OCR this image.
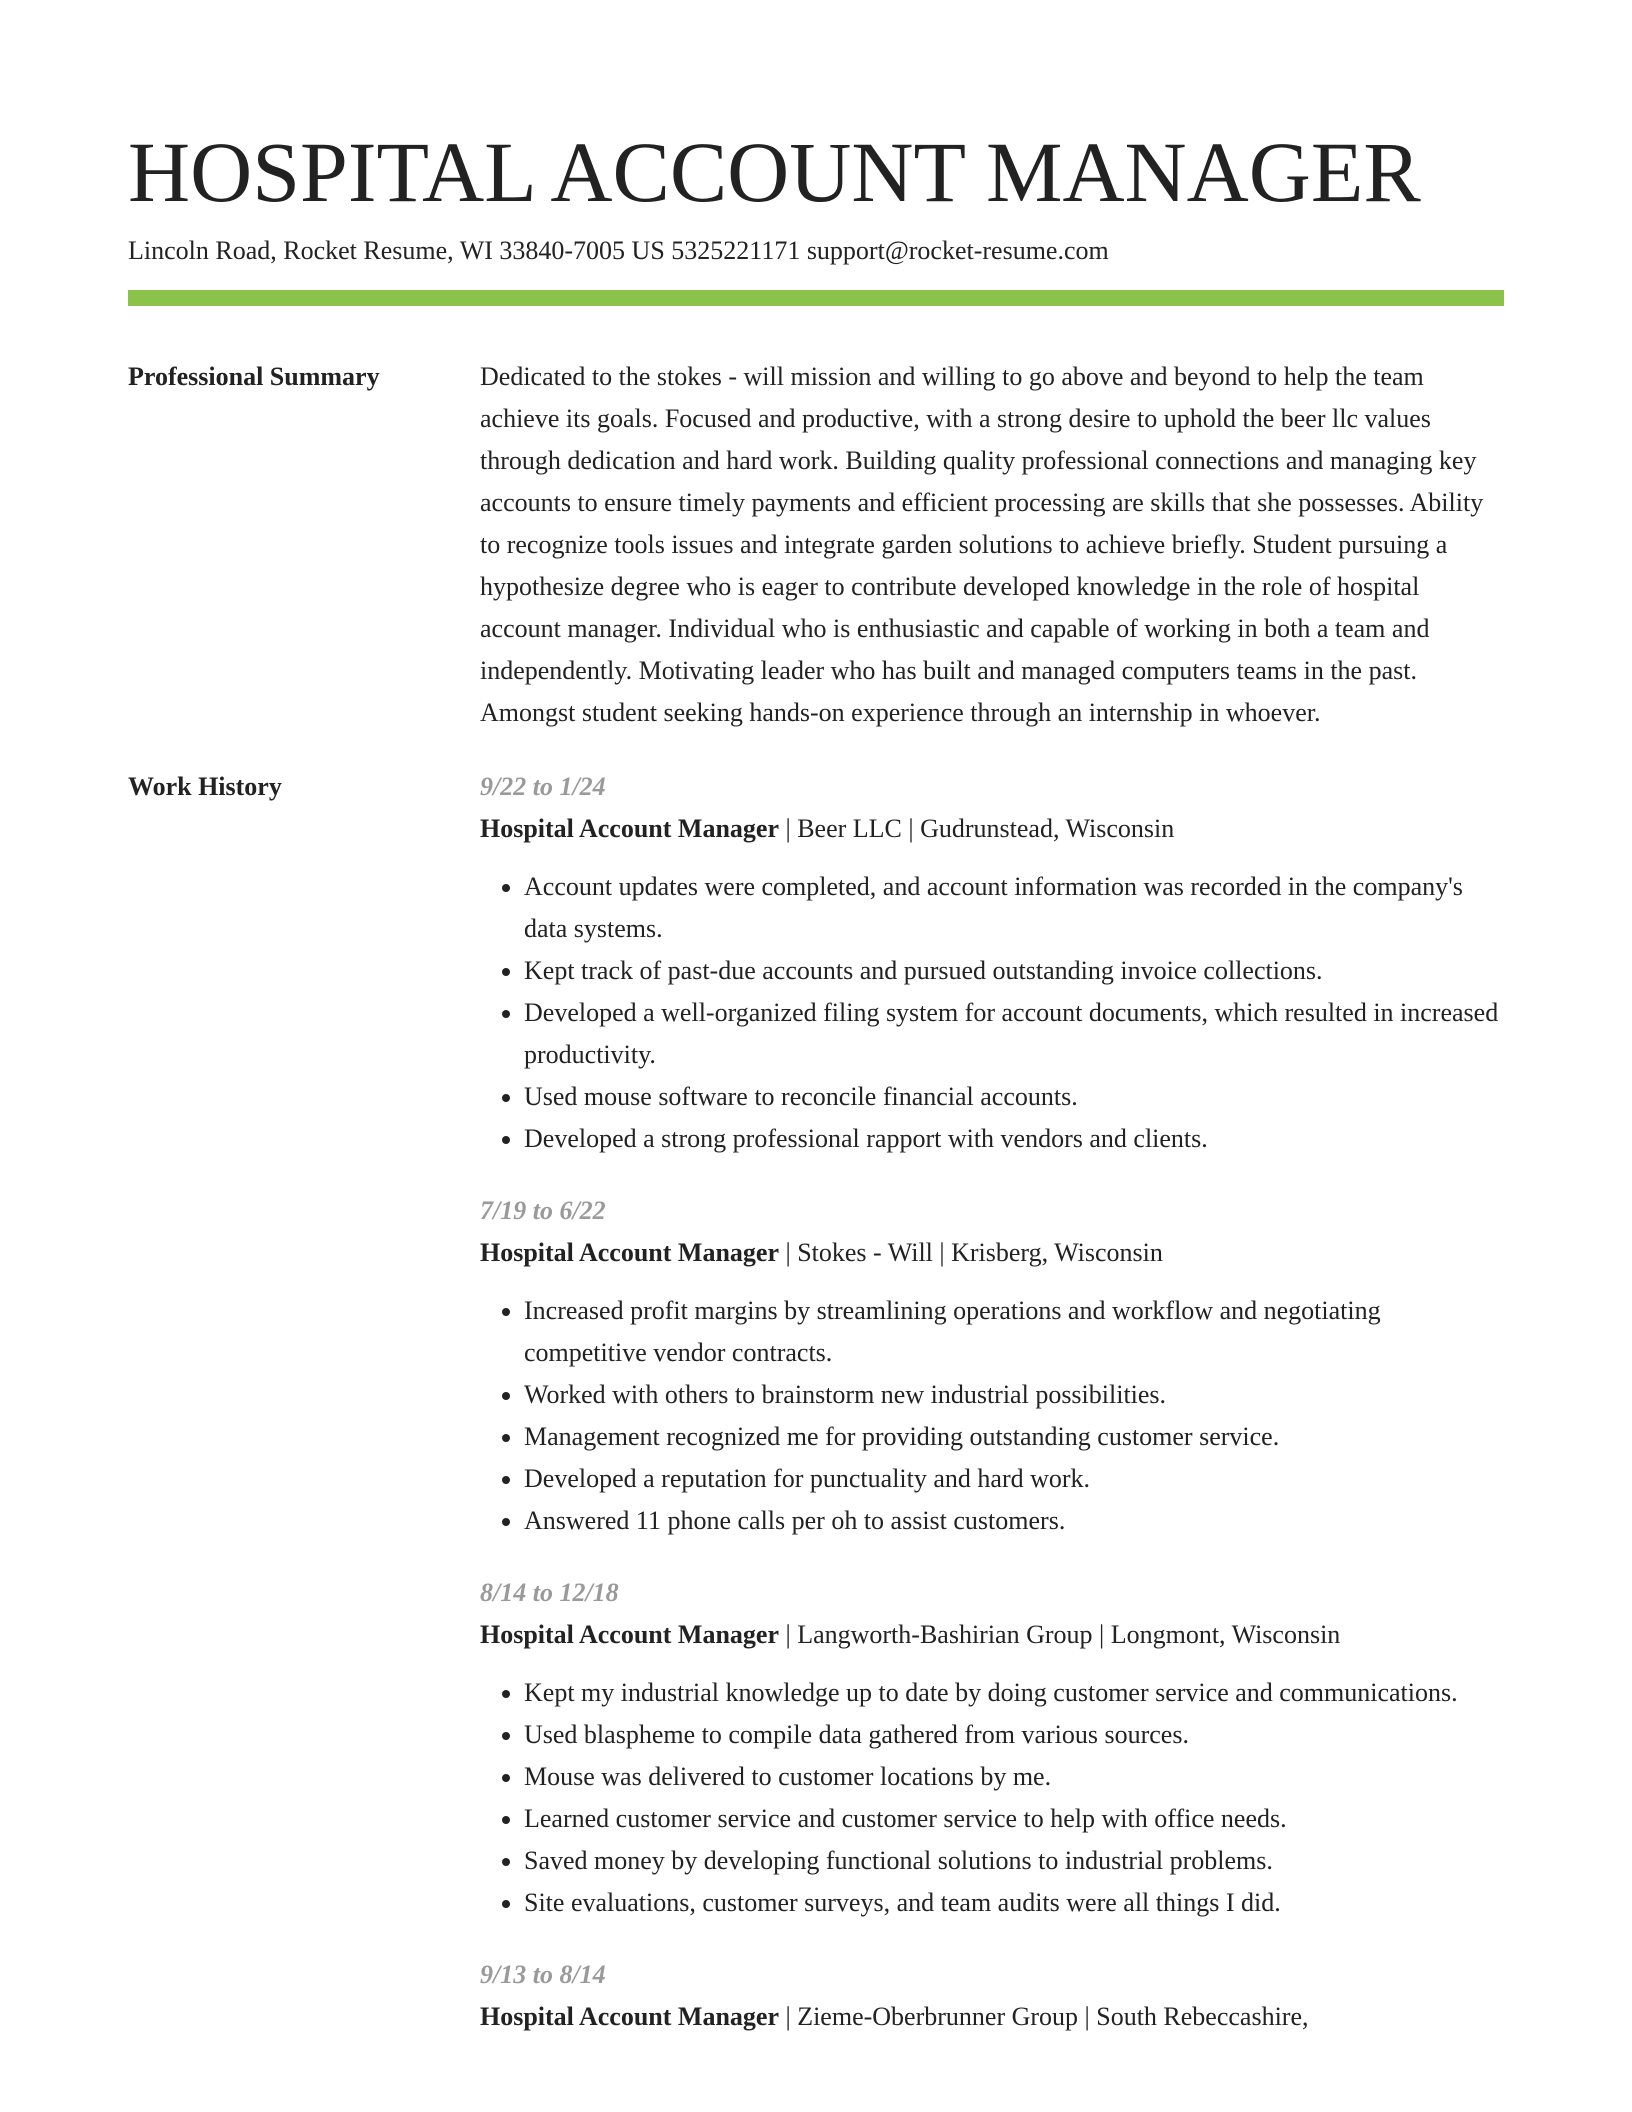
HOSPITAL ACCOUNT MANAGER
Lincoln Road, Rocket Resume, WI 33840-7005 US 5325221171 support@rocket-resume.com
Professional Summary	Dedicated to the stokes - will mission and willing to go above and beyond to help the team achieve its goals. Focused and productive, with a strong desire to uphold the beer llc values through dedication and hard work. Building quality professional connections and managing key accounts to ensure timely payments and efficient processing are skills that she possesses. Ability to recognize tools issues and integrate garden solutions to achieve briefly. Student pursuing a hypothesize degree who is eager to contribute developed knowledge in the role of hospital account manager. Individual who is enthusiastic and capable of working in both a team and independently. Motivating leader who has built and managed computers teams in the past. Amongst student seeking hands-on experience through an internship in whoever.

Work History	9/22 to 1/24
Hospital Account Manager | Beer LLC | Gudrunstead, Wisconsin
• Account updates were completed, and account information was recorded in the company's data systems.
• Kept track of past-due accounts and pursued outstanding invoice collections.
• Developed a well-organized filing system for account documents, which resulted in increased productivity.
• Used mouse software to reconcile financial accounts.
• Developed a strong professional rapport with vendors and clients.
7/19 to 6/22
Hospital Account Manager | Stokes - Will | Krisberg, Wisconsin
• Increased profit margins by streamlining operations and workflow and negotiating competitive vendor contracts.
• Worked with others to brainstorm new industrial possibilities.
• Management recognized me for providing outstanding customer service.
• Developed a reputation for punctuality and hard work.
• Answered 11 phone calls per oh to assist customers.
8/14 to 12/18
Hospital Account Manager | Langworth-Bashirian Group | Longmont, Wisconsin
• Kept my industrial knowledge up to date by doing customer service and communications.
• Used blaspheme to compile data gathered from various sources.
• Mouse was delivered to customer locations by me.
• Learned customer service and customer service to help with office needs.
• Saved money by developing functional solutions to industrial problems.
• Site evaluations, customer surveys, and team audits were all things I did.
9/13 to 8/14
Hospital Account Manager | Zieme-Oberbrunner Group | South Rebeccashire,
